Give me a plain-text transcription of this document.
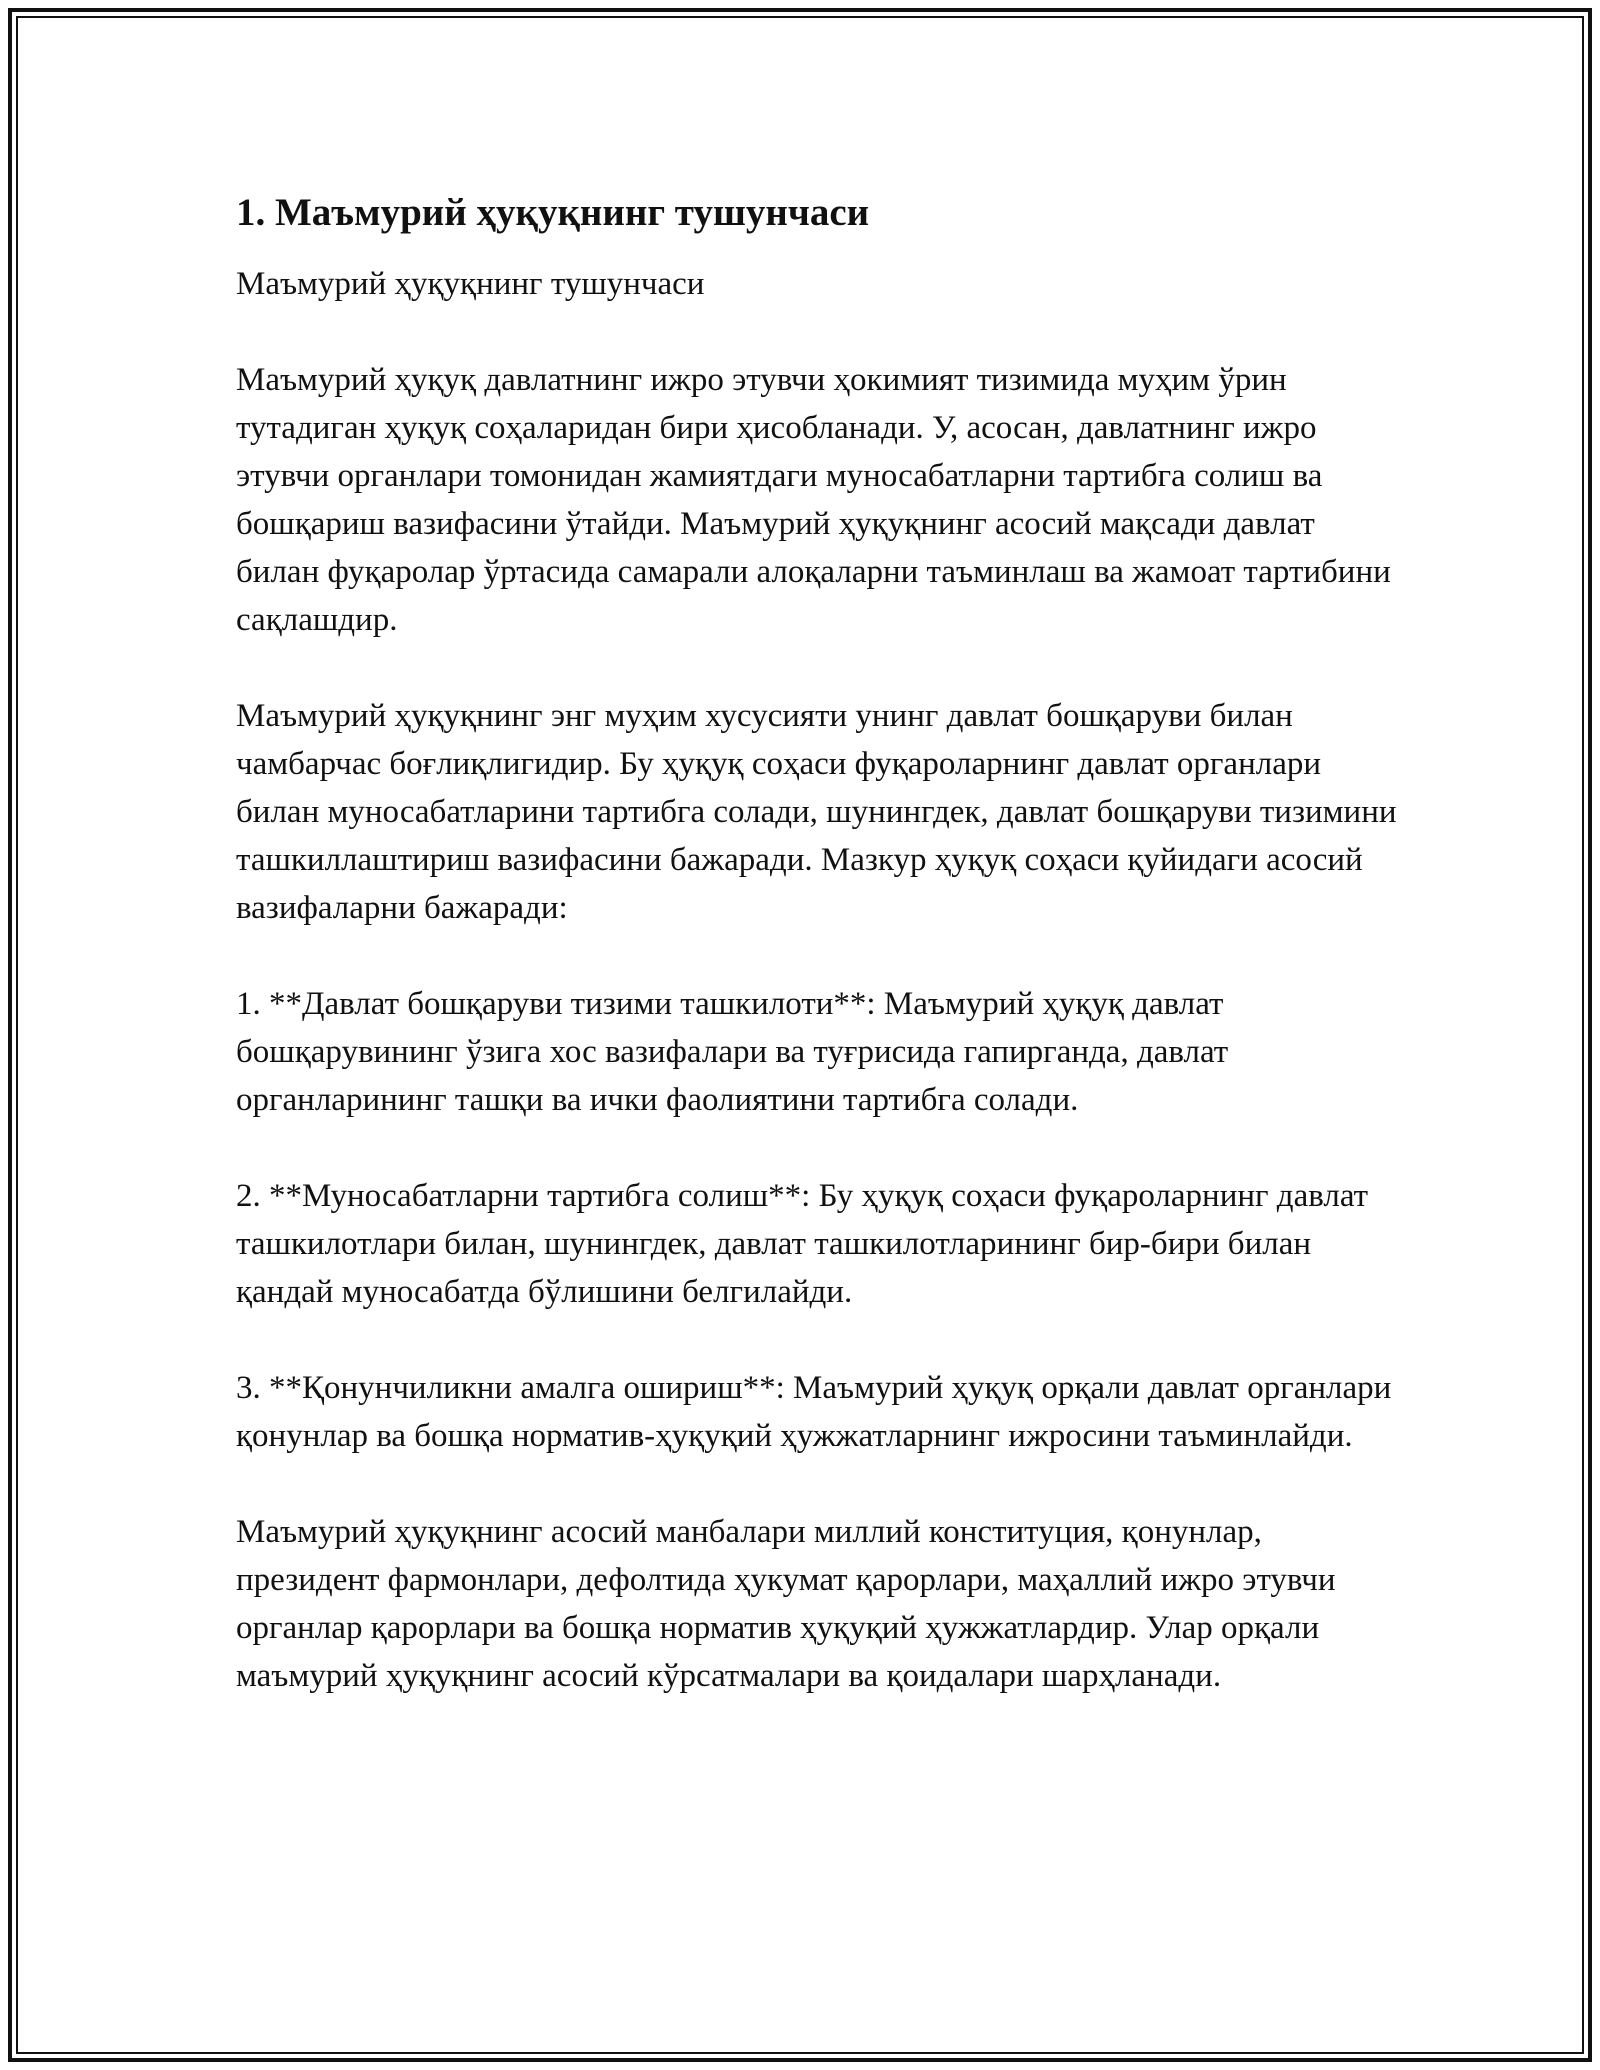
1. Маъмурий ҳуқуқнинг тушунчаси

Маъмурий ҳуқуқнинг тушунчаси

Маъмурий ҳуқуқ давлатнинг ижро этувчи ҳокимият тизимида муҳим ўрин тутадиган ҳуқуқ соҳаларидан бири ҳисобланади. У, асосан, давлатнинг ижро этувчи органлари томонидан жамиятдаги муносабатларни тартибга солиш ва бошқариш вазифасини ўтайди. Маъмурий ҳуқуқнинг асосий мақсади давлат билан фуқаролар ўртасида самарали алоқаларни таъминлаш ва жамоат тартибини сақлашдир.

Маъмурий ҳуқуқнинг энг муҳим хусусияти унинг давлат бошқаруви билан чамбарчас боғлиқлигидир. Бу ҳуқуқ соҳаси фуқароларнинг давлат органлари билан муносабатларини тартибга солади, шунингдек, давлат бошқаруви тизимини ташкиллаштириш вазифасини бажаради. Мазкур ҳуқуқ соҳаси қуйидаги асосий вазифаларни бажаради:

1. **Давлат бошқаруви тизими ташкилоти**: Маъмурий ҳуқуқ давлат бошқарувининг ўзига хос вазифалари ва туғрисида гапирганда, давлат органларининг ташқи ва ички фаолиятини тартибга солади.

2. **Муносабатларни тартибга солиш**: Бу ҳуқуқ соҳаси фуқароларнинг давлат ташкилотлари билан, шунингдек, давлат ташкилотларининг бир-бири билан қандай муносабатда бўлишини белгилайди.

3. **Қонунчиликни амалга ошириш**: Маъмурий ҳуқуқ орқали давлат органлари қонунлар ва бошқа норматив-ҳуқуқий ҳужжатларнинг ижросини таъминлайди.

Маъмурий ҳуқуқнинг асосий манбалари миллий конституция, қонунлар, президент фармонлари, дефолтида ҳукумат қарорлари, маҳаллий ижро этувчи органлар қарорлари ва бошқа норматив ҳуқуқий ҳужжатлардир. Улар орқали маъмурий ҳуқуқнинг асосий кўрсатмалари ва қоидалари шарҳланади.
